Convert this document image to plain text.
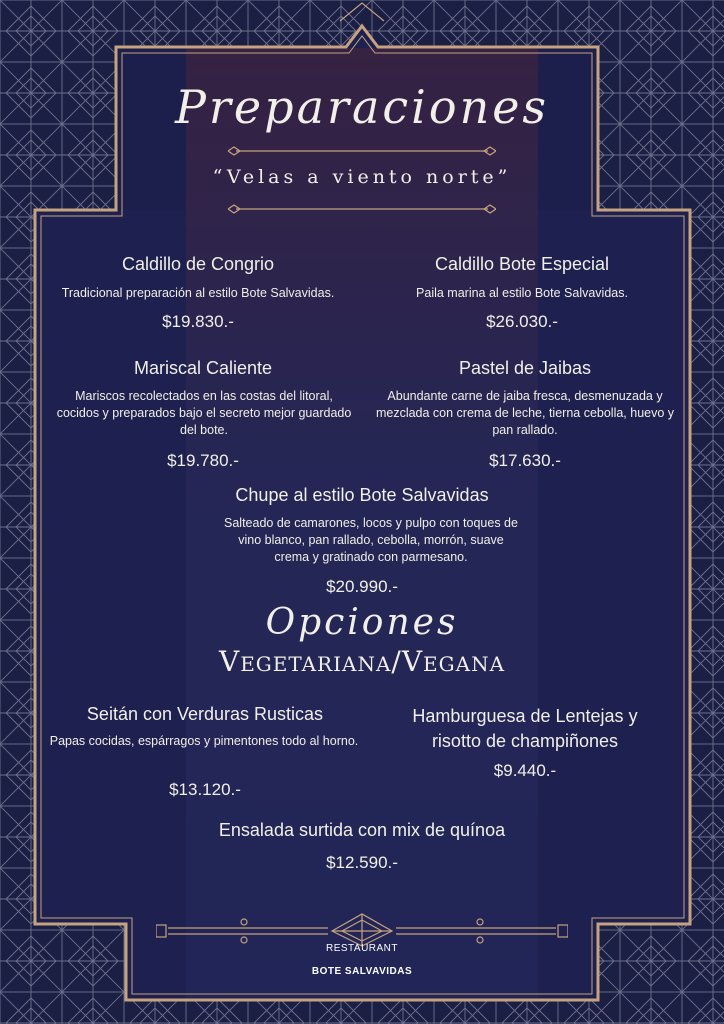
Preparaciones
“Velas a viento norte”
Caldillo de Congrio
Tradicional preparación al estilo Bote Salvavidas.
$19.830.-
Caldillo Bote Especial
Paila marina al estilo Bote Salvavidas.
$26.030.-
Mariscal Caliente
Mariscos recolectados en las costas del litoral, cocidos y preparados bajo el secreto mejor guardado del bote.
$19.780.-
Pastel de Jaibas
Abundante carne de jaiba fresca, desmenuzada y mezclada con crema de leche, tierna cebolla, huevo y pan rallado.
$17.630.-
Chupe al estilo Bote Salvavidas
Salteado de camarones, locos y pulpo con toques de vino blanco, pan rallado, cebolla, morrón, suave crema y gratinado con parmesano.
$20.990.-
Opciones
Vegetariana/Vegana
Seitán con Verduras Rusticas
Papas cocidas, espárragos y pimentones todo al horno.
$13.120.-
Hamburguesa de Lentejas y risotto de champiñones
$9.440.-
Ensalada surtida con mix de quínoa
$12.590.-
RESTAURANT
BOTE SALVAVIDAS
